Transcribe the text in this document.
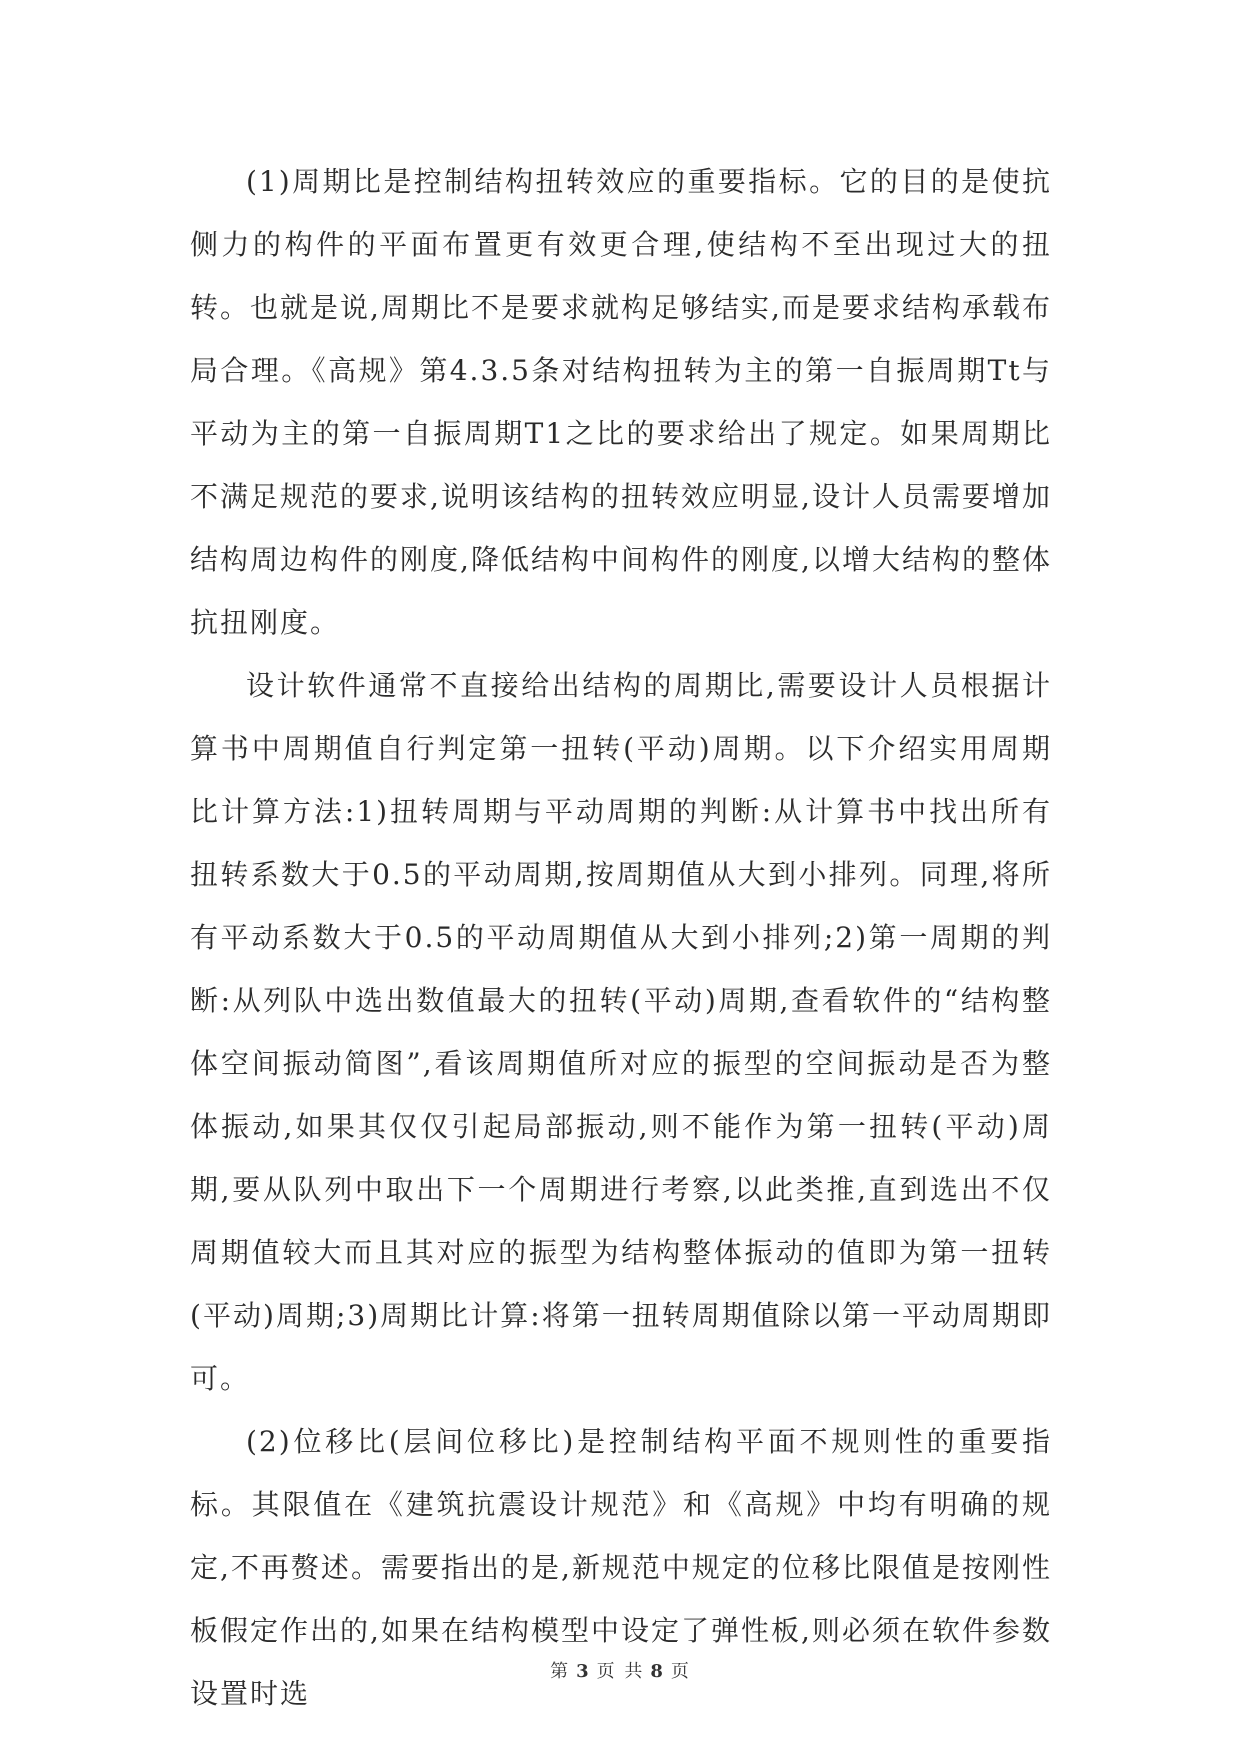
(1)周期比是控制结构扭转效应的重要指标。它的目的是使抗侧力的构件的平面布置更有效更合理,使结构不至出现过大的扭转。也就是说,周期比不是要求就构足够结实,而是要求结构承载布局合理。《高规》第4.3.5条对结构扭转为主的第一自振周期Tt与平动为主的第一自振周期T1之比的要求给出了规定。如果周期比不满足规范的要求,说明该结构的扭转效应明显,设计人员需要增加结构周边构件的刚度,降低结构中间构件的刚度,以增大结构的整体抗扭刚度。

设计软件通常不直接给出结构的周期比,需要设计人员根据计算书中周期值自行判定第一扭转(平动)周期。以下介绍实用周期比计算方法:1)扭转周期与平动周期的判断:从计算书中找出所有扭转系数大于0.5的平动周期,按周期值从大到小排列。同理,将所有平动系数大于0.5的平动周期值从大到小排列;2)第一周期的判断:从列队中选出数值最大的扭转(平动)周期,查看软件的“结构整体空间振动简图”,看该周期值所对应的振型的空间振动是否为整体振动,如果其仅仅引起局部振动,则不能作为第一扭转(平动)周期,要从队列中取出下一个周期进行考察,以此类推,直到选出不仅周期值较大而且其对应的振型为结构整体振动的值即为第一扭转(平动)周期;3)周期比计算:将第一扭转周期值除以第一平动周期即可。

(2)位移比(层间位移比)是控制结构平面不规则性的重要指标。其限值在《建筑抗震设计规范》和《高规》中均有明确的规定,不再赘述。需要指出的是,新规范中规定的位移比限值是按刚性板假定作出的,如果在结构模型中设定了弹性板,则必须在软件参数设置时选

第 3 页 共 8 页
